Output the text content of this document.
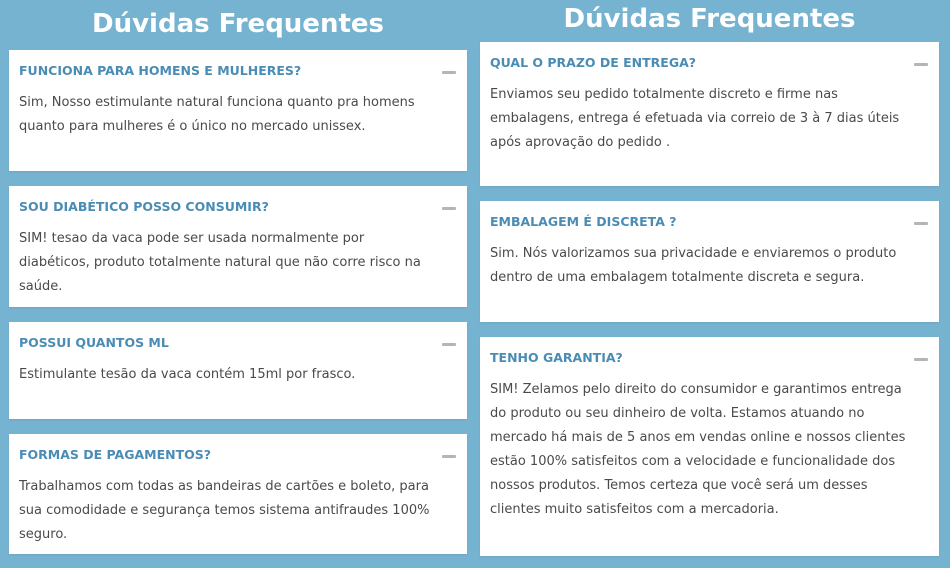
Dúvidas Frequentes	Dúvidas Frequentes
FUNCIONA PARA HOMENS E MULHERES?

Sim, Nosso estimulante natural funciona quanto pra homens quanto para mulheres é o único no mercado unissex.

SOU DIABÉTICO POSSO CONSUMIR?

SIM! tesao da vaca pode ser usada normalmente por diabéticos, produto totalmente natural que não corre risco na saúde.

POSSUI QUANTOS ML

Estimulante tesão da vaca contém 15ml por frasco.

FORMAS DE PAGAMENTOS?

Trabalhamos com todas as bandeiras de cartões e boleto, para sua comodidade e segurança temos sistema antifraudes 100% seguro.

QUAL O PRAZO DE ENTREGA?

Enviamos seu pedido totalmente discreto e firme nas embalagens, entrega é efetuada via correio de 3 à 7 dias úteis após aprovação do pedido .

EMBALAGEM É DISCRETA ?

Sim. Nós valorizamos sua privacidade e enviaremos o produto dentro de uma embalagem totalmente discreta e segura.

TENHO GARANTIA?

SIM! Zelamos pelo direito do consumidor e garantimos entrega do produto ou seu dinheiro de volta. Estamos atuando no mercado há mais de 5 anos em vendas online e nossos clientes estão 100% satisfeitos com a velocidade e funcionalidade dos nossos produtos. Temos certeza que você será um desses clientes muito satisfeitos com a mercadoria.
